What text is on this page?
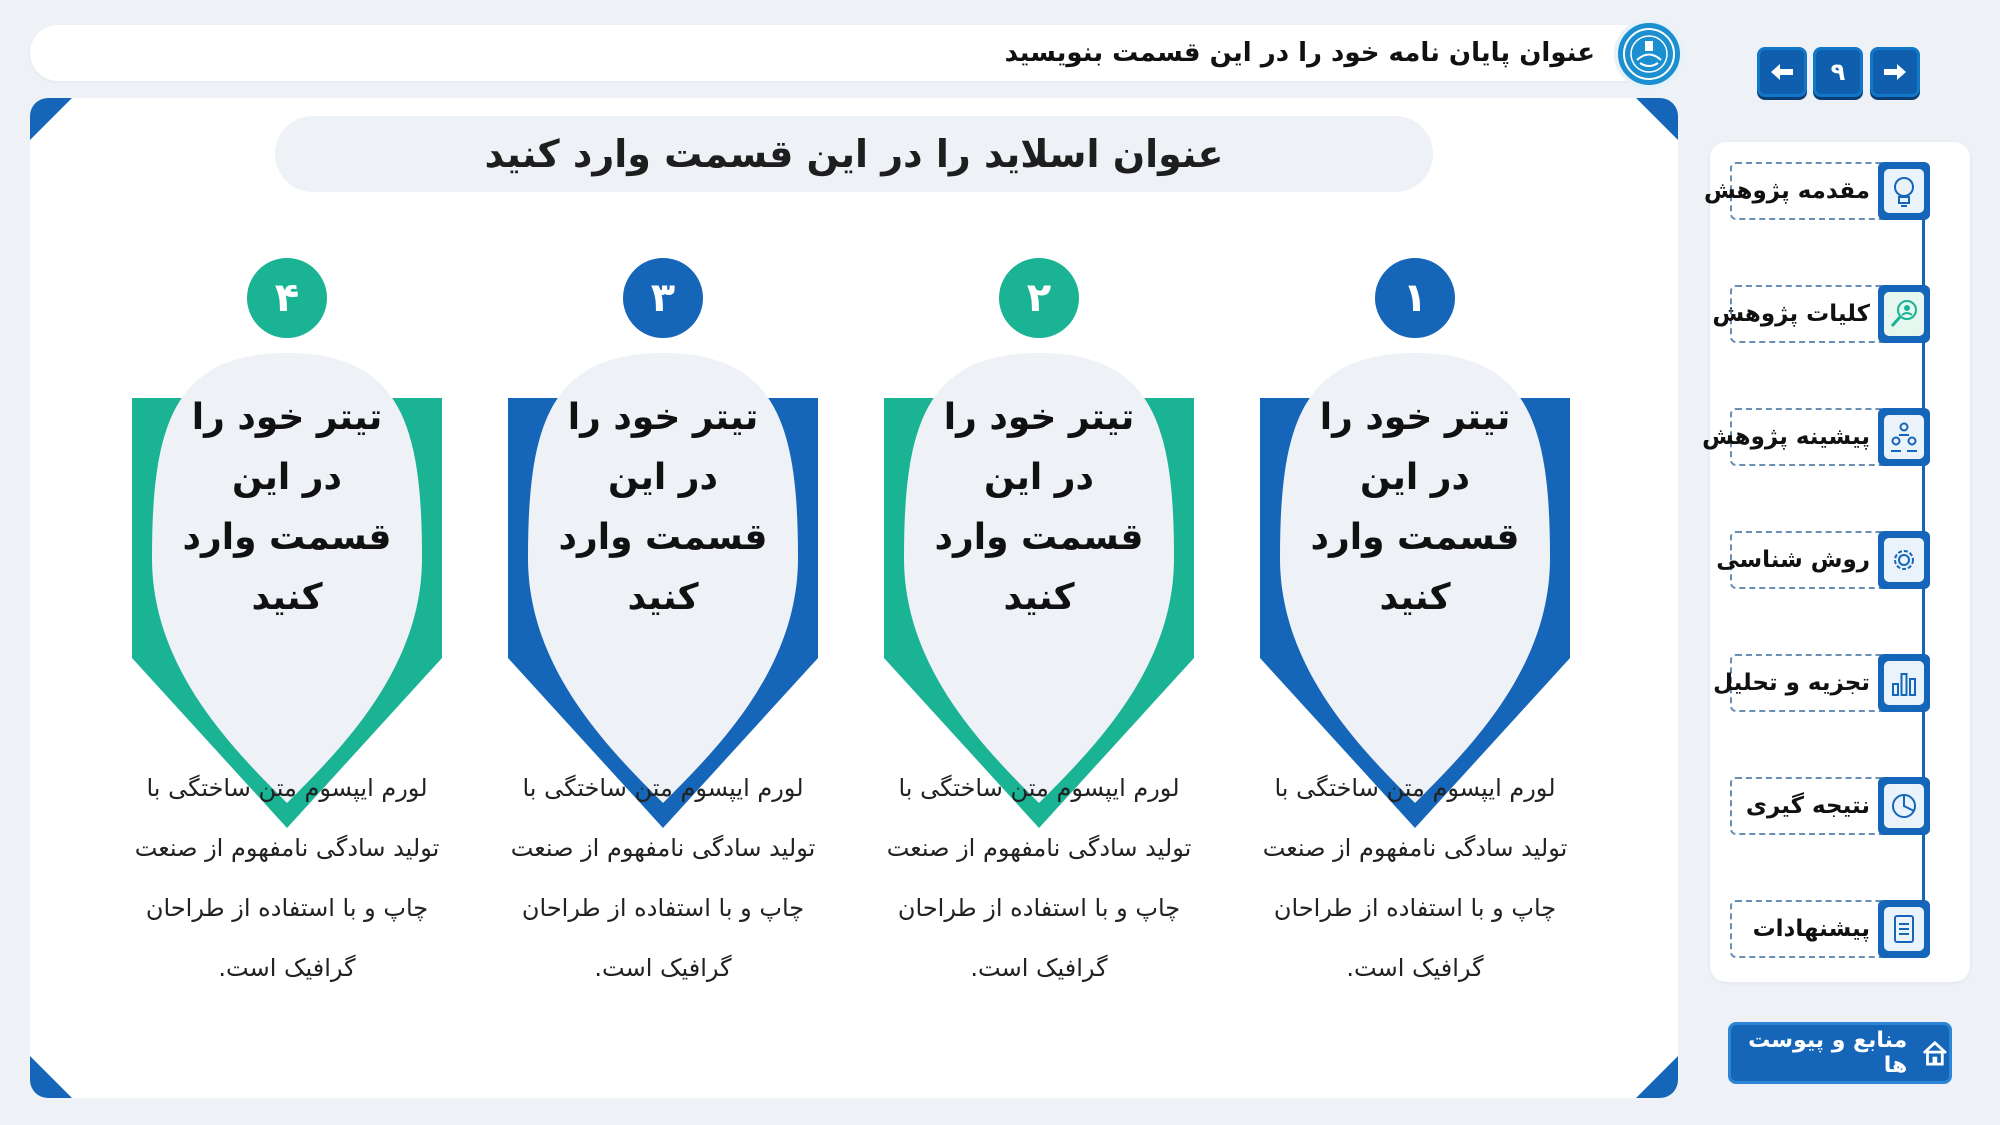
عنوان پایان نامه خود را در این قسمت بنویسید
۹
عنوان اسلاید را در این قسمت وارد کنید
۱
تیتر خود را در این قسمت وارد کنید
۲
تیتر خود را در این قسمت وارد کنید
۳
تیتر خود را در این قسمت وارد کنید
۴
تیتر خود را در این قسمت وارد کنید
لورم ایپسوم متن ساختگی با تولید سادگی نامفهوم از صنعت چاپ و با استفاده از طراحان گرافیک است.
لورم ایپسوم متن ساختگی با تولید سادگی نامفهوم از صنعت چاپ و با استفاده از طراحان گرافیک است.
لورم ایپسوم متن ساختگی با تولید سادگی نامفهوم از صنعت چاپ و با استفاده از طراحان گرافیک است.
لورم ایپسوم متن ساختگی با تولید سادگی نامفهوم از صنعت چاپ و با استفاده از طراحان گرافیک است.
مقدمه پژوهش
کلیات پژوهش
پیشینه پژوهش
روش شناسی
تجزیه و تحلیل
نتیجه گیری
پیشنهادات
منابع و پیوست ها
